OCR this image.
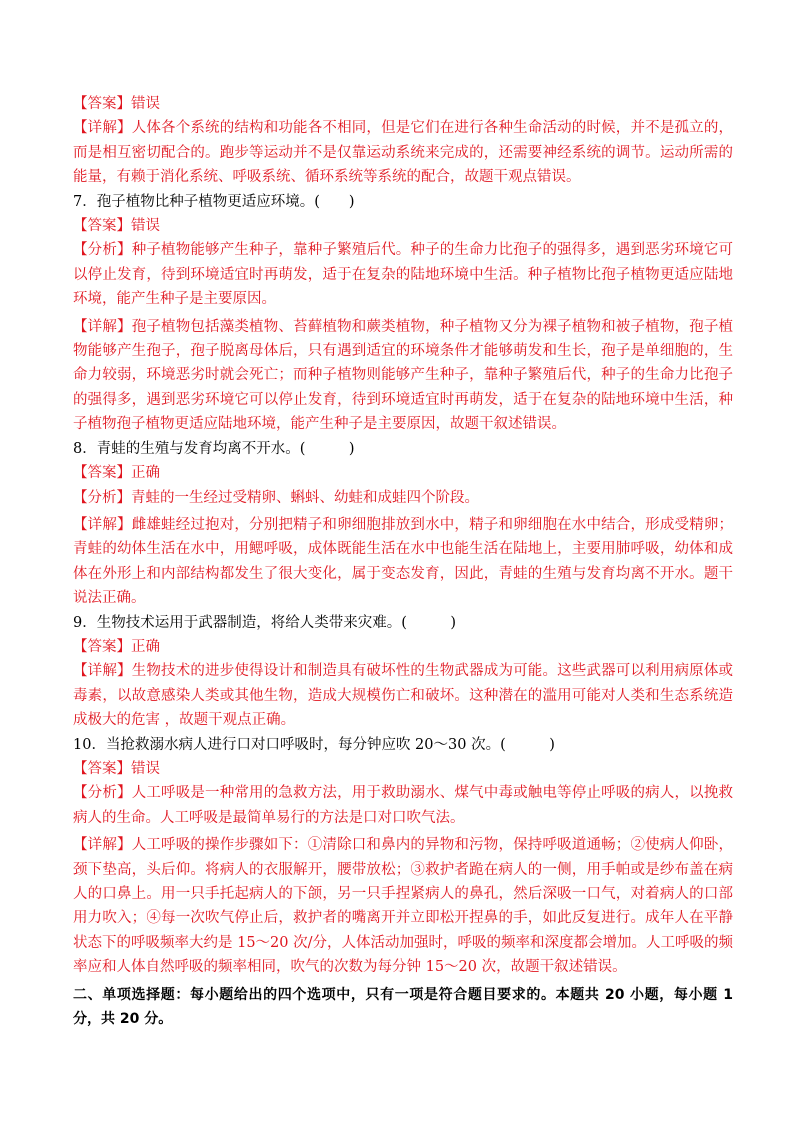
【答案】错误

【详解】人体各个系统的结构和功能各不相同，但是它们在进行各种生命活动的时候，并不是孤立的，而是相互密切配合的。跑步等运动并不是仅靠运动系统来完成的，还需要神经系统的调节。运动所需的能量，有赖于消化系统、呼吸系统、循环系统等系统的配合，故题干观点错误。

7．孢子植物比种子植物更适应环境。(　　)

【答案】错误

【分析】种子植物能够产生种子，靠种子繁殖后代。种子的生命力比孢子的强得多，遇到恶劣环境它可以停止发育，待到环境适宜时再萌发，适于在复杂的陆地环境中生活。种子植物比孢子植物更适应陆地环境，能产生种子是主要原因。

【详解】孢子植物包括藻类植物、苔藓植物和蕨类植物，种子植物又分为裸子植物和被子植物，孢子植物能够产生孢子，孢子脱离母体后，只有遇到适宜的环境条件才能够萌发和生长，孢子是单细胞的，生命力较弱，环境恶劣时就会死亡；而种子植物则能够产生种子，靠种子繁殖后代，种子的生命力比孢子的强得多，遇到恶劣环境它可以停止发育，待到环境适宜时再萌发，适于在复杂的陆地环境中生活，种子植物孢子植物更适应陆地环境，能产生种子是主要原因，故题干叙述错误。

8．青蛙的生殖与发育均离不开水。(　　　)

【答案】正确

【分析】青蛙的一生经过受精卵、蝌蚪、幼蛙和成蛙四个阶段。

【详解】雌雄蛙经过抱对，分别把精子和卵细胞排放到水中，精子和卵细胞在水中结合，形成受精卵；青蛙的幼体生活在水中，用鳃呼吸，成体既能生活在水中也能生活在陆地上，主要用肺呼吸，幼体和成体在外形上和内部结构都发生了很大变化，属于变态发育，因此，青蛙的生殖与发育均离不开水。题干说法正确。

9．生物技术运用于武器制造，将给人类带来灾难。(　　　)

【答案】正确

【详解】生物技术的进步使得设计和制造具有破坏性的生物武器成为可能。这些武器可以利用病原体或毒素，以故意感染人类或其他生物，造成大规模伤亡和破坏。这种潜在的滥用可能对人类和生态系统造成极大的危害 ，故题干观点正确。

10．当抢救溺水病人进行口对口呼吸时，每分钟应吹 20～30 次。(　　　)

【答案】错误

【分析】人工呼吸是一种常用的急救方法，用于救助溺水、煤气中毒或触电等停止呼吸的病人，以挽救病人的生命。人工呼吸是最简单易行的方法是口对口吹气法。

【详解】人工呼吸的操作步骤如下：①清除口和鼻内的异物和污物，保持呼吸道通畅；②使病人仰卧，颈下垫高，头后仰。将病人的衣服解开，腰带放松；③救护者跪在病人的一侧，用手帕或是纱布盖在病人的口鼻上。用一只手托起病人的下颌，另一只手捏紧病人的鼻孔，然后深吸一口气，对着病人的口部用力吹入；④每一次吹气停止后，救护者的嘴离开并立即松开捏鼻的手，如此反复进行。成年人在平静状态下的呼吸频率大约是 15～20 次/分，人体活动加强时，呼吸的频率和深度都会增加。人工呼吸的频率应和人体自然呼吸的频率相同，吹气的次数为每分钟 15～20 次，故题干叙述错误。

二、单项选择题：每小题给出的四个选项中，只有一项是符合题目要求的。本题共 20 小题，每小题 1 分，共 20 分。
